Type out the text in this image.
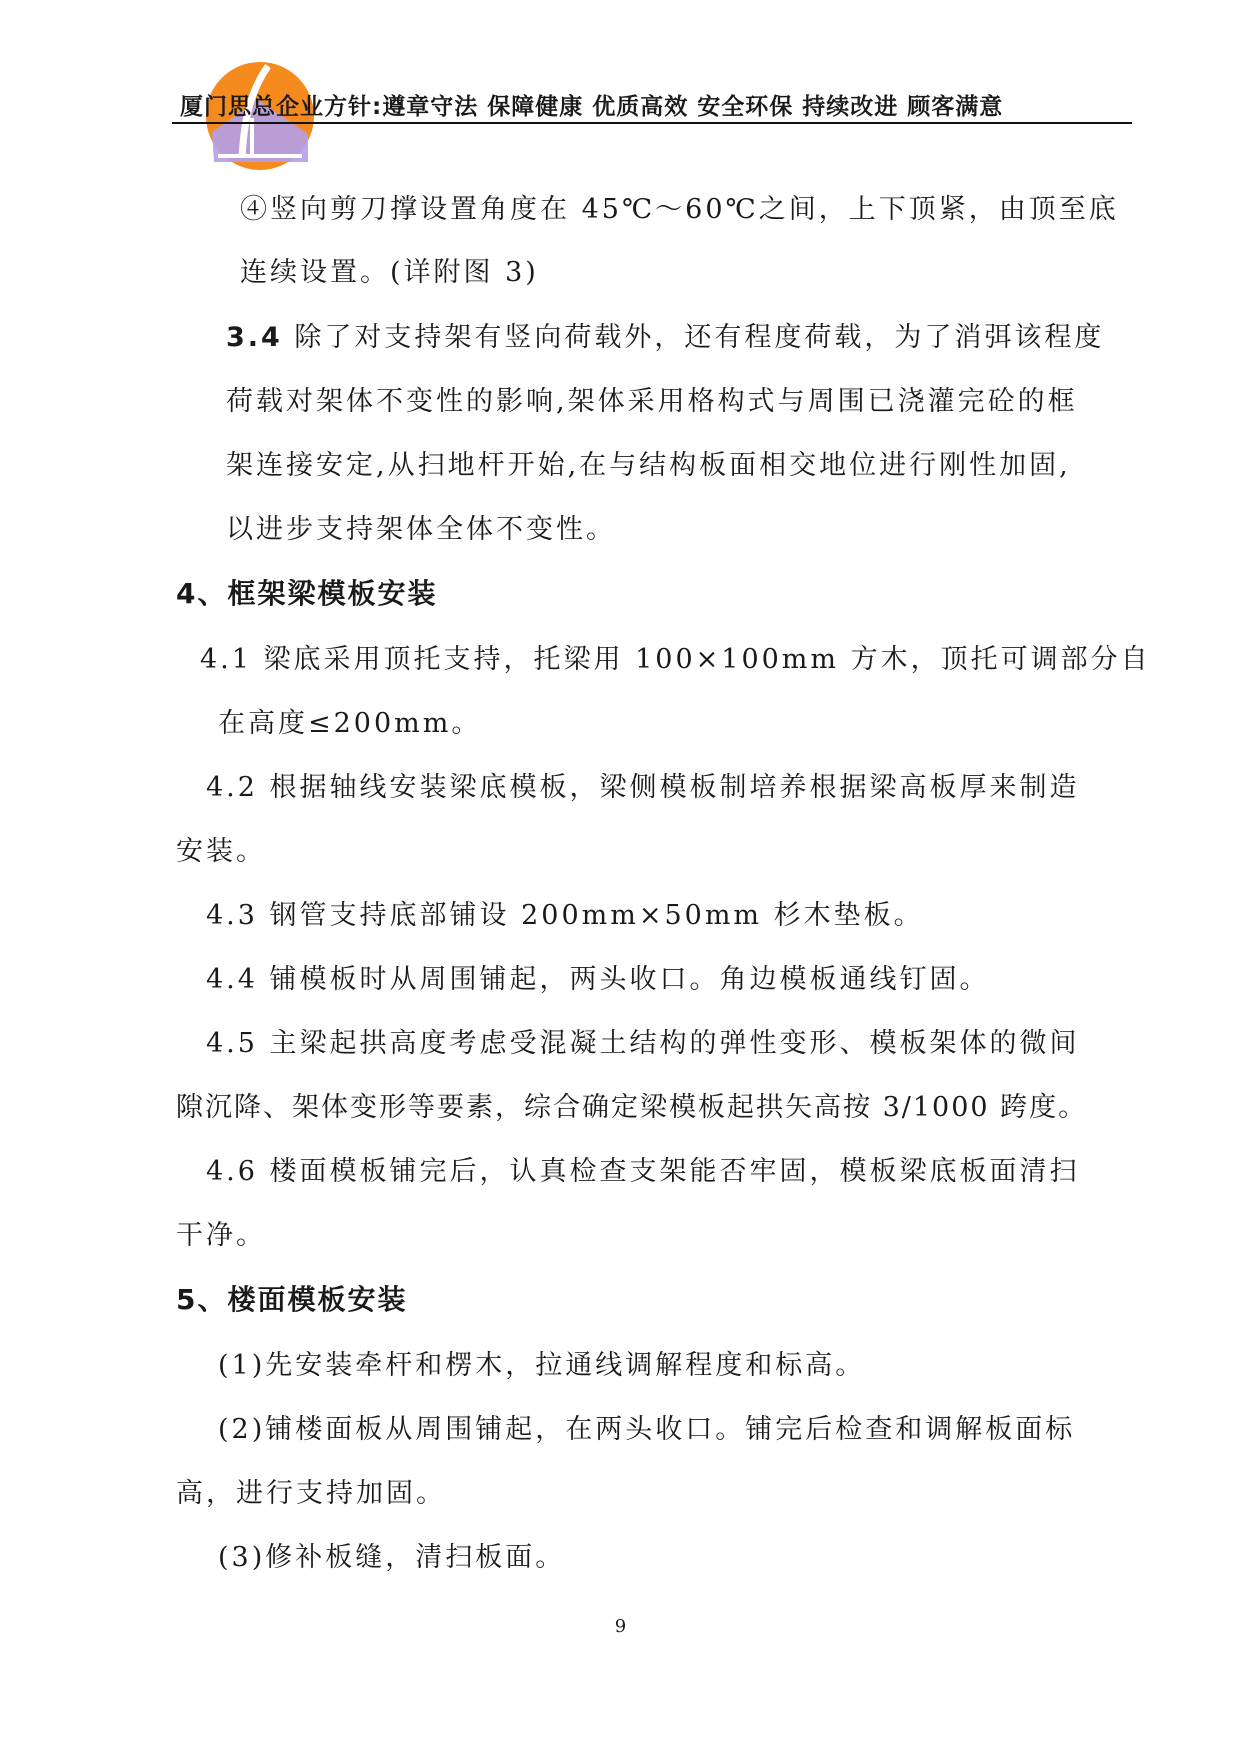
厦门思总企业方针:遵章守法 保障健康 优质高效 安全环保 持续改进 顾客满意
④竖向剪刀撑设置角度在 45℃～60℃之间，上下顶紧，由顶至底
连续设置。(详附图 3)
3.4 除了对支持架有竖向荷载外，还有程度荷载，为了消弭该程度
荷载对架体不变性的影响,架体采用格构式与周围已浇灌完砼的框
架连接安定,从扫地杆开始,在与结构板面相交地位进行刚性加固,
以进步支持架体全体不变性。
4、框架梁模板安装
4.1 梁底采用顶托支持，托梁用 100×100mm 方木，顶托可调部分自
在高度≤200mm。
4.2 根据轴线安装梁底模板，梁侧模板制培养根据梁高板厚来制造
安装。
4.3 钢管支持底部铺设 200mm×50mm 杉木垫板。
4.4 铺模板时从周围铺起，两头收口。角边模板通线钉固。
4.5 主梁起拱高度考虑受混凝土结构的弹性变形、模板架体的微间
隙沉降、架体变形等要素，综合确定梁模板起拱矢高按 3/1000 跨度。
4.6 楼面模板铺完后，认真检查支架能否牢固，模板梁底板面清扫
干净。
5、楼面模板安装
(1)先安装牵杆和楞木，拉通线调解程度和标高。
(2)铺楼面板从周围铺起，在两头收口。铺完后检查和调解板面标
高，进行支持加固。
(3)修补板缝，清扫板面。
9
